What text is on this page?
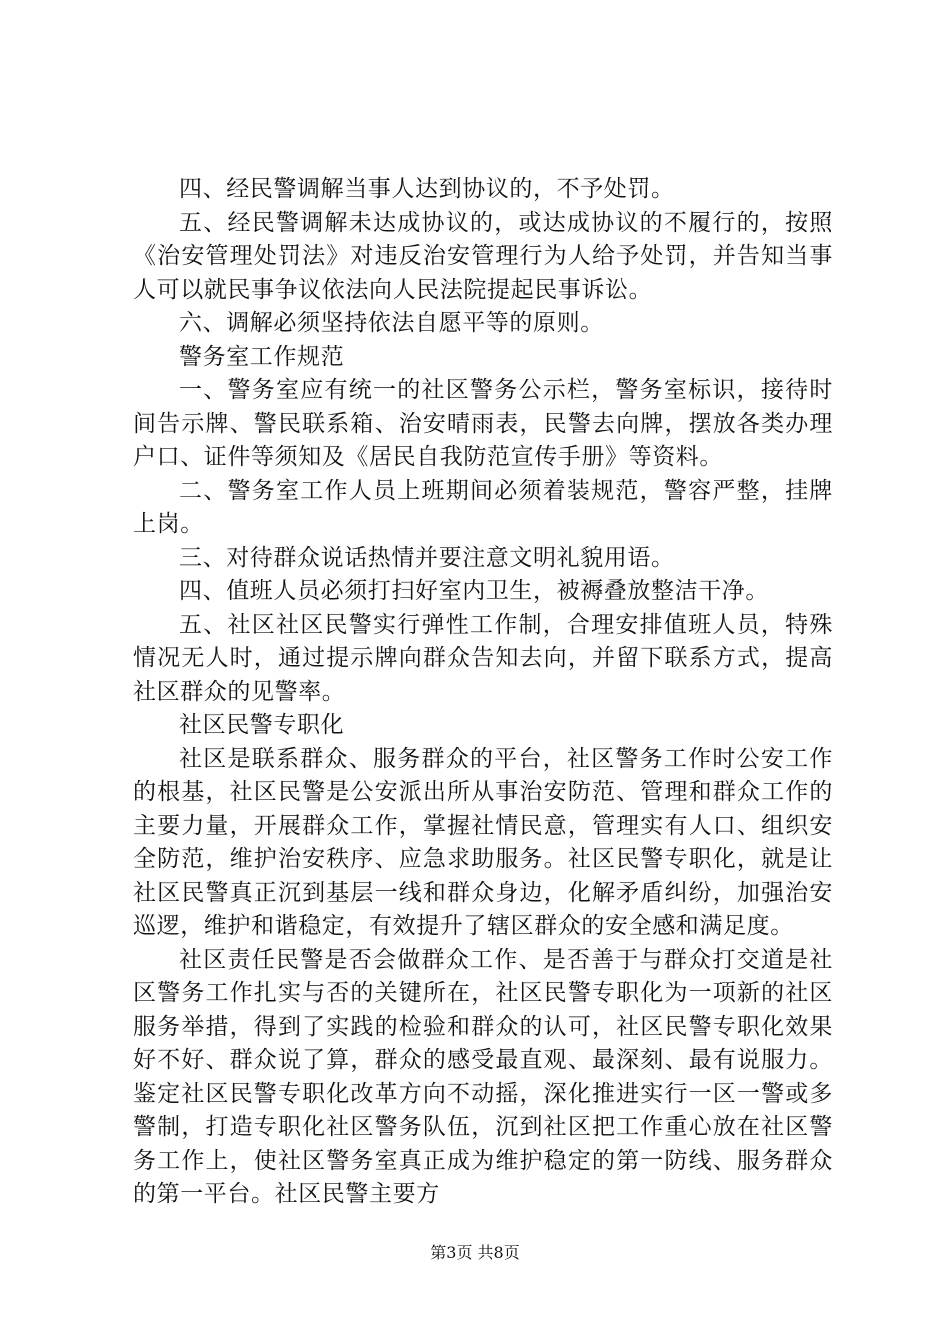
四、经民警调解当事人达到协议的，不予处罚。

五、经民警调解未达成协议的，或达成协议的不履行的，按照《治安管理处罚法》对违反治安管理行为人给予处罚，并告知当事人可以就民事争议依法向人民法院提起民事诉讼。

六、调解必须坚持依法自愿平等的原则。

警务室工作规范

一、警务室应有统一的社区警务公示栏，警务室标识，接待时间告示牌、警民联系箱、治安晴雨表，民警去向牌，摆放各类办理户口、证件等须知及《居民自我防范宣传手册》等资料。

二、警务室工作人员上班期间必须着装规范，警容严整，挂牌上岗。

三、对待群众说话热情并要注意文明礼貌用语。

四、值班人员必须打扫好室内卫生，被褥叠放整洁干净。

五、社区社区民警实行弹性工作制，合理安排值班人员，特殊情况无人时，通过提示牌向群众告知去向，并留下联系方式，提高社区群众的见警率。

社区民警专职化

社区是联系群众、服务群众的平台，社区警务工作时公安工作的根基，社区民警是公安派出所从事治安防范、管理和群众工作的主要力量，开展群众工作，掌握社情民意，管理实有人口、组织安全防范，维护治安秩序、应急求助服务。社区民警专职化，就是让社区民警真正沉到基层一线和群众身边，化解矛盾纠纷，加强治安巡逻，维护和谐稳定，有效提升了辖区群众的安全感和满足度。

社区责任民警是否会做群众工作、是否善于与群众打交道是社区警务工作扎实与否的关键所在，社区民警专职化为一项新的社区服务举措，得到了实践的检验和群众的认可，社区民警专职化效果好不好、群众说了算，群众的感受最直观、最深刻、最有说服力。鉴定社区民警专职化改革方向不动摇，深化推进实行一区一警或多警制，打造专职化社区警务队伍，沉到社区把工作重心放在社区警务工作上，使社区警务室真正成为维护稳定的第一防线、服务群众的第一平台。社区民警主要方

第3页 共8页
